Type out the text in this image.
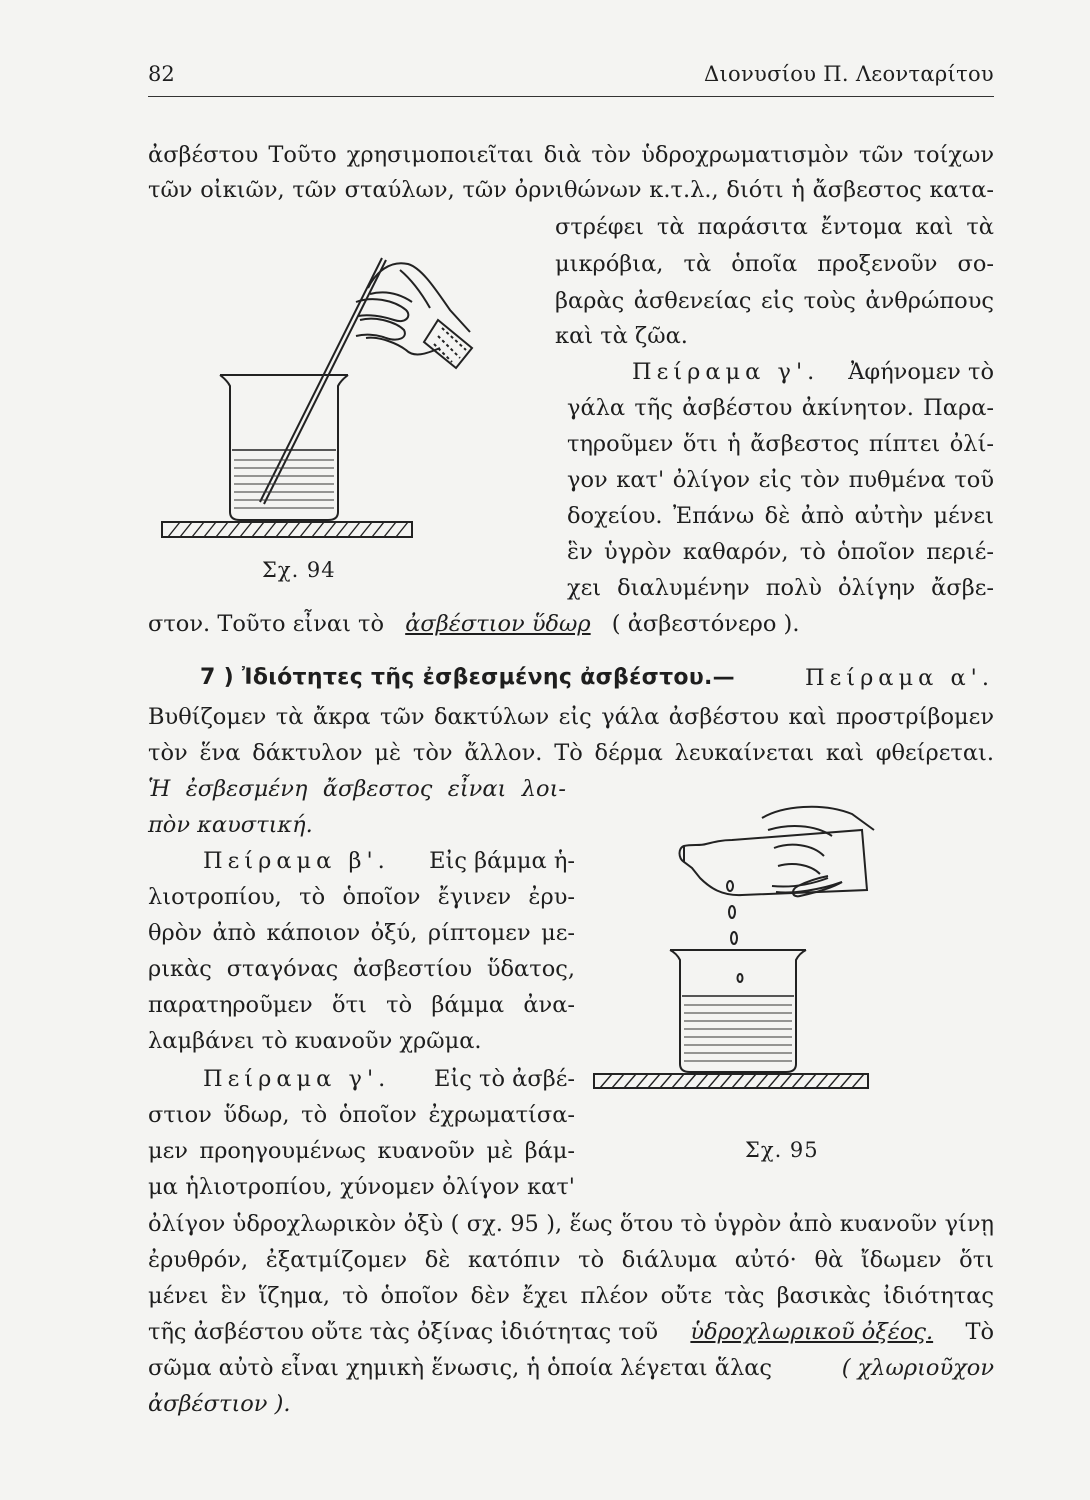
82	Διονυσίου Π. Λεονταρίτου
ἀσβέστου Τοῦτο χρησιμοποιεῖται διὰ τὸν ὑδροχρωματισμὸν τῶν τοίχων
τῶν οἰκιῶν, τῶν σταύλων, τῶν ὀρνιθώνων κ.τ.λ., διότι ἡ ἄσβεστος κατα-
στρέφει τὰ παράσιτα ἔντομα καὶ τὰ
μικρόβια, τὰ ὁποῖα προξενοῦν σο-
βαρὰς ἀσθενείας εἰς τοὺς ἀνθρώπους
καὶ τὰ ζῶα.
Σχ. 94
Πείραμα γ'. Ἀφήνομεν τὸ
γάλα τῆς ἀσβέστου ἀκίνητον. Παρα-
τηροῦμεν ὅτι ἡ ἄσβεστος πίπτει ὀλί-
γον κατ' ὀλίγον εἰς τὸν πυθμένα τοῦ
δοχείου. Ἐπάνω δὲ ἀπὸ αὐτὴν μένει
ἓν ὑγρὸν καθαρόν, τὸ ὁποῖον περιέ-
χει διαλυμένην πολὺ ὀλίγην ἄσβε-
στον. Τοῦτο εἶναι τὸ ἀσβέστιον ὕδωρ ( ἀσβεστόνερο ).
7 ) Ἰδιότητες τῆς ἐσβεσμένης ἀσβέστου.—	Πείραμα α'.
Βυθίζομεν τὰ ἄκρα τῶν δακτύλων εἰς γάλα ἀσβέστου καὶ προστρίβομεν
τὸν ἕνα δάκτυλον μὲ τὸν ἄλλον. Τὸ δέρμα λευκαίνεται καὶ φθείρεται.
Ἡ ἐσβεσμένη ἄσβεστος εἶναι λοι-
πὸν καυστική.
Πείραμα β'. Εἰς βάμμα ἡ-
λιοτροπίου, τὸ ὁποῖον ἔγινεν ἐρυ-
θρὸν ἀπὸ κάποιον ὀξύ, ρίπτομεν με-
ρικὰς σταγόνας ἀσβεστίου ὕδατος,
παρατηροῦμεν ὅτι τὸ βάμμα ἀνα-
λαμβάνει τὸ κυανοῦν χρῶμα.
Σχ. 95
Πείραμα γ'. Εἰς τὸ ἀσβέ-
στιον ὕδωρ, τὸ ὁποῖον ἐχρωματίσα-
μεν προηγουμένως κυανοῦν μὲ βάμ-
μα ἡλιοτροπίου, χύνομεν ὀλίγον κατ'
ὀλίγον ὑδροχλωρικὸν ὀξὺ ( σχ. 95 ), ἕως ὅτου τὸ ὑγρὸν ἀπὸ κυανοῦν γίνῃ
ἐρυθρόν, ἐξατμίζομεν δὲ κατόπιν τὸ διάλυμα αὐτό· θὰ ἴδωμεν ὅτι
μένει ἓν ἵζημα, τὸ ὁποῖον δὲν ἔχει πλέον οὔτε τὰς βασικὰς ἰδιότητας
τῆς ἀσβέστου οὔτε τὰς ὀξίνας ἰδιότητας τοῦ ὑδροχλωρικοῦ ὀξέος. Τὸ
σῶμα αὐτὸ εἶναι χημικὴ ἕνωσις, ἡ ὁποία λέγεται ἅλας	( χλωριοῦχον
ἀσβέστιον ).
